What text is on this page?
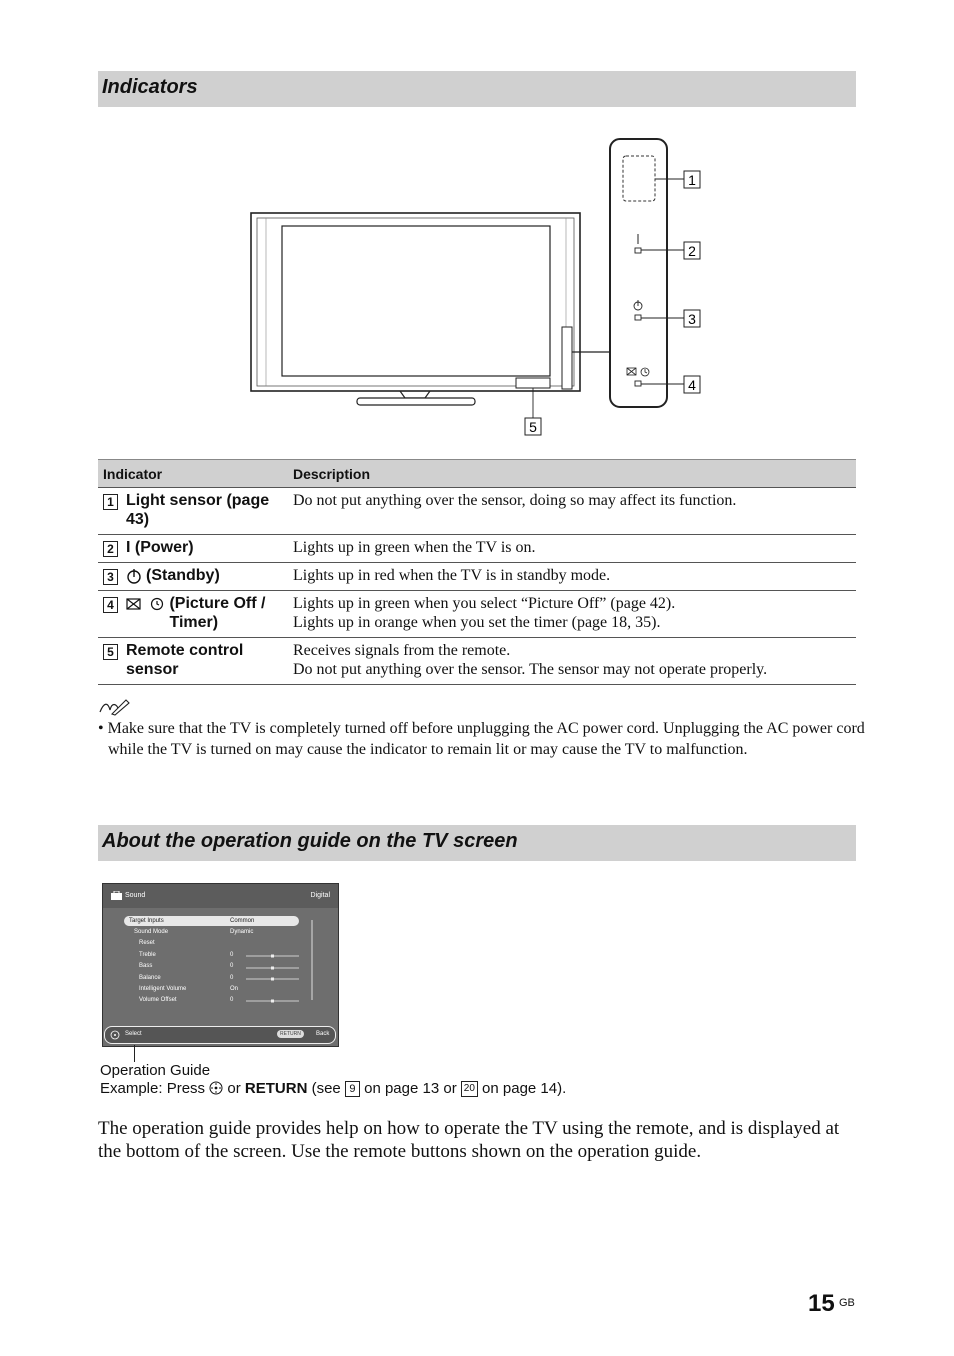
Indicators
1
2
3
4
5
Indicator	Description

1 Light sensor (page 43)	Do not put anything over the sensor, doing so may affect its function.

2 I (Power)	Lights up in green when the TV is on.

3 (Standby)	Lights up in red when the TV is in standby mode.

4
(Picture Off / Timer)	Lights up in green when you select “Picture Off” (page 42).
Lights up in orange when you set the timer (page 18, 35).

5 Remote control sensor	Receives signals from the remote.
Do not put anything over the sensor. The sensor may not operate properly.
• Make sure that the TV is completely turned off before unplugging the AC power cord. Unplugging the AC power cord while the TV is turned on may cause the indicator to remain lit or may cause the TV to malfunction.
About the operation guide on the TV screen
Sound	Digital
Target Inputs	Common
Sound Mode	Dynamic
Reset
Treble	0
Bass	0
Balance	0
Intelligent Volume	On
Volume Offset	0
Select	RETURN	Back
Operation Guide
Example: Press or RETURN (see 9 on page 13 or 20 on page 14).
The operation guide provides help on how to operate the TV using the remote, and is displayed at the bottom of the screen. Use the remote buttons shown on the operation guide.
15 GB
